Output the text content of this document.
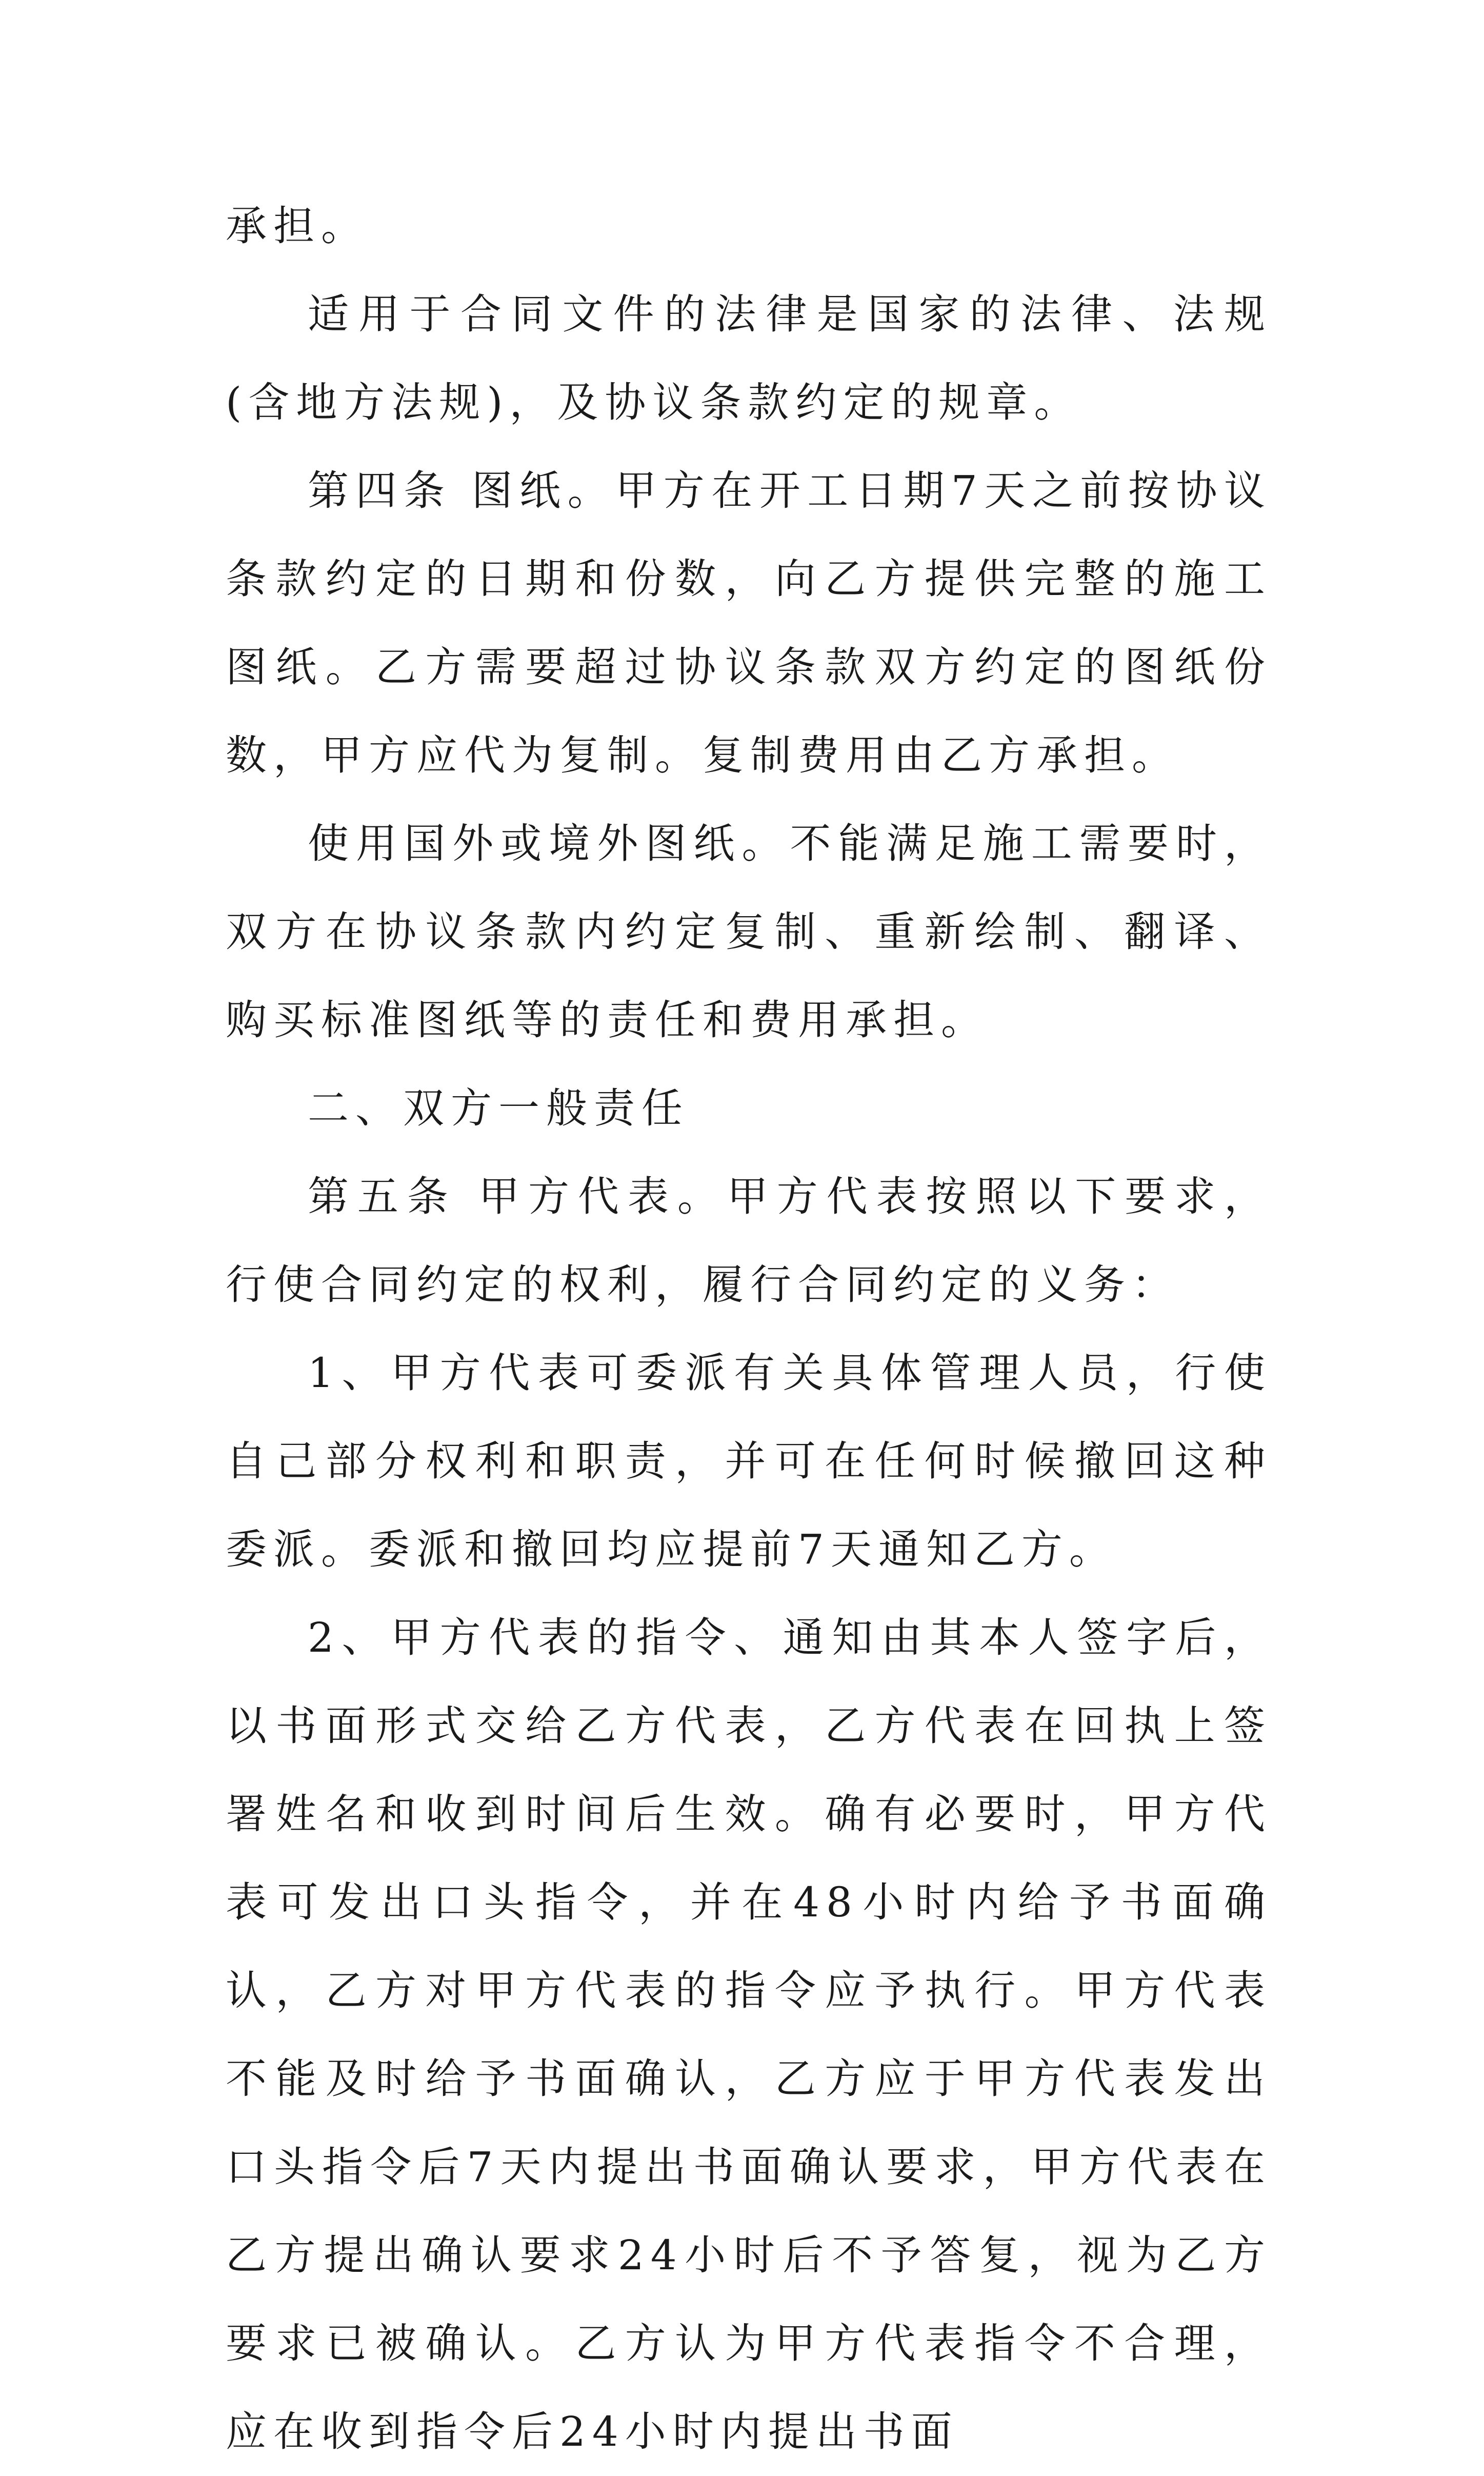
承担。

适用于合同文件的法律是国家的法律、法规(含地方法规)，及协议条款约定的规章。

第四条 图纸。甲方在开工日期7天之前按协议条款约定的日期和份数，向乙方提供完整的施工图纸。乙方需要超过协议条款双方约定的图纸份数，甲方应代为复制。复制费用由乙方承担。

使用国外或境外图纸。不能满足施工需要时，双方在协议条款内约定复制、重新绘制、翻译、购买标准图纸等的责任和费用承担。

二、双方一般责任

第五条 甲方代表。甲方代表按照以下要求，行使合同约定的权利，履行合同约定的义务：

1、甲方代表可委派有关具体管理人员，行使自己部分权利和职责，并可在任何时候撤回这种委派。委派和撤回均应提前7天通知乙方。

2、甲方代表的指令、通知由其本人签字后，以书面形式交给乙方代表，乙方代表在回执上签署姓名和收到时间后生效。确有必要时，甲方代表可发出口头指令，并在48小时内给予书面确认，乙方对甲方代表的指令应予执行。甲方代表不能及时给予书面确认，乙方应于甲方代表发出口头指令后7天内提出书面确认要求，甲方代表在乙方提出确认要求24小时后不予答复，视为乙方要求已被确认。乙方认为甲方代表指令不合理，应在收到指令后24小时内提出书面
